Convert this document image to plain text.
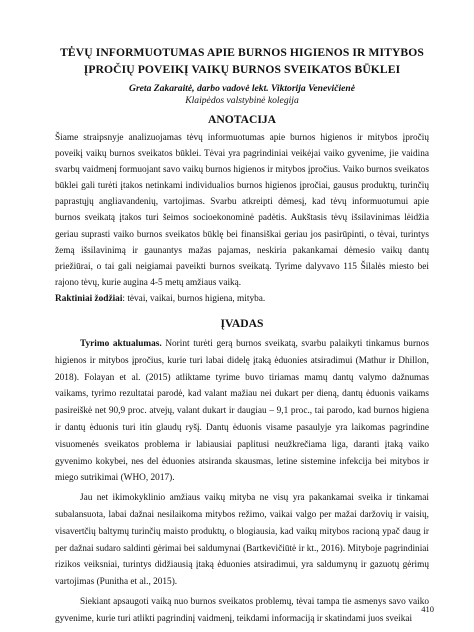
TĖVŲ INFORMUOTUMAS APIE BURNOS HIGIENOS IR MITYBOS

ĮPROČIŲ POVEIKĮ VAIKŲ BURNOS SVEIKATOS BŪKLEI

Greta Zakaraitė, darbo vadovė lekt. Viktorija Venevičienė
Klaipėdos valstybinė kolegija
ANOTACIJA

Šiame straipsnyje analizuojamas tėvų informuotumas apie burnos higienos ir mitybos įpročių poveikį vaikų burnos sveikatos būklei. Tėvai yra pagrindiniai veikėjai vaiko gyvenime, jie vaidina svarbų vaidmenį formuojant savo vaikų burnos higienos ir mitybos įpročius. Vaiko burnos sveikatos būklei gali turėti įtakos netinkami individualios burnos higienos įpročiai, gausus produktų, turinčių paprastųjų angliavandenių, vartojimas. Svarbu atkreipti dėmesį, kad tėvų informuotumui apie burnos sveikatą įtakos turi šeimos socioekonominė padėtis. Aukštasis tėvų išsilavinimas lėidžia geriau suprasti vaiko burnos sveikatos būklę bei finansiškai geriau jos pasirūpinti, o tėvai, turintys žemą išsilavinimą ir gaunantys mažas pajamas, neskiria pakankamai dėmesio vaikų dantų priežiūrai, o tai gali neigiamai paveikti burnos sveikatą. Tyrime dalyvavo 115 Šilalės miesto bei rajono tėvų, kurie augina 4-5 metų amžiaus vaiką.

Raktiniai žodžiai: tėvai, vaikai, burnos higiena, mityba.

ĮVADAS

Tyrimo aktualumas. Norint turėti gerą burnos sveikatą, svarbu palaikyti tinkamus burnos higienos ir mitybos įpročius, kurie turi labai didelę įtaką ėduonies atsiradimui (Mathur ir Dhillon, 2018). Folayan et al. (2015) atliktame tyrime buvo tiriamas mamų dantų valymo dažnumas vaikams, tyrimo rezultatai parodė, kad valant mažiau nei dukart per dieną, dantų ėduonis vaikams pasireiškė net 90,9 proc. atvejų, valant dukart ir daugiau – 9,1 proc., tai parodo, kad burnos higiena ir dantų ėduonis turi itin glaudų ryšį. Dantų ėduonis visame pasaulyje yra laikomas pagrindine visuomenės sveikatos problema ir labiausiai paplitusi neužkrečiama liga, daranti įtaką vaiko gyvenimo kokybei, nes del ėduonies atsiranda skausmas, letine sistemine infekcija bei mitybos ir miego sutrikimai (WHO, 2017).

Jau net ikimokyklinio amžiaus vaikų mityba ne visų yra pakankamai sveika ir tinkamai subalansuota, labai dažnai nesilaikoma mitybos režimo, vaikai valgo per mažai daržovių ir vaisių, visavertčių baltymų turinčių maisto produktų, o blogiausia, kad vaikų mitybos racioną ypač daug ir per dažnai sudaro saldinti gėrimai bei saldumynai (Bartkevičiūtė ir kt., 2016). Mityboje pagrindiniai rizikos veiksniai, turintys didžiausią įtaką ėduonies atsiradimui, yra saldumynų ir gazuotų gėrimų vartojimas (Punitha et al., 2015).

Siekiant apsaugoti vaiką nuo burnos sveikatos problemų, tėvai tampa tie asmenys savo vaiko gyvenime, kurie turi atlikti pagrindinį vaidmenį, teikdami informaciją ir skatindami juos sveikai

410
